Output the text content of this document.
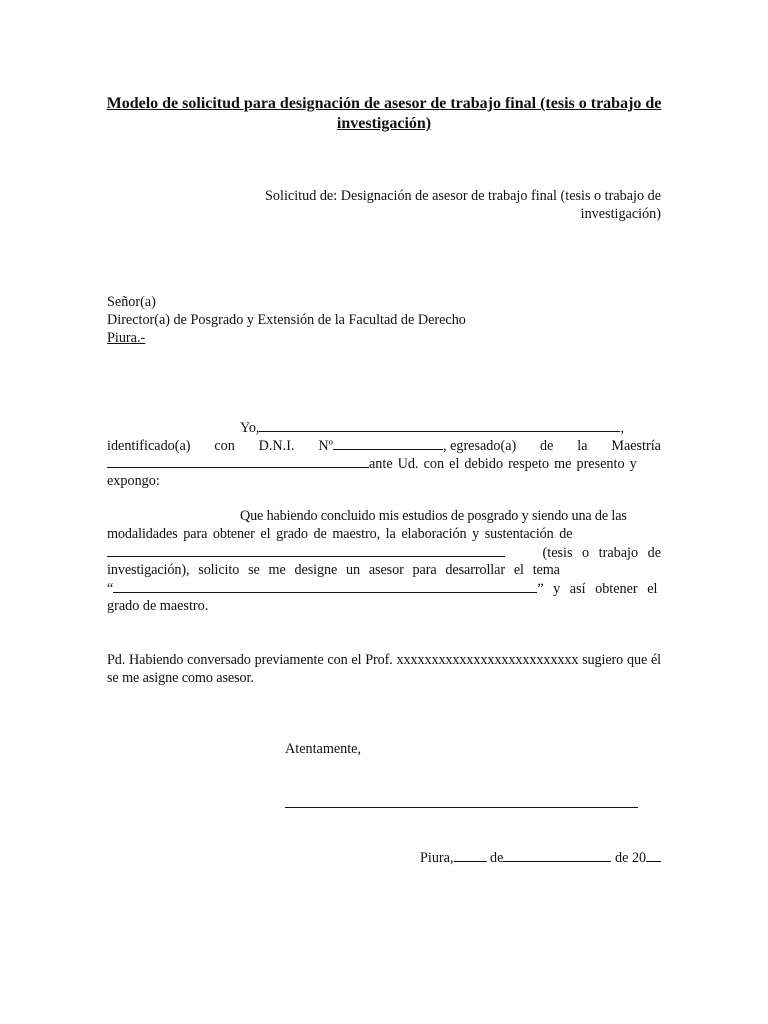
Modelo de solicitud para designación de asesor de trabajo final (tesis o trabajo de investigación)
Solicitud de: Designación de asesor de trabajo final (tesis o trabajo de
investigación)
Señor(a)
Director(a) de Posgrado y Extensión de la Facultad de Derecho
Piura.-
Yo,	,
identificado(a) con D.N.I. Nº	, egresado(a) de la Maestría
ante Ud. con el debido respeto me presento y
expongo:
Que habiendo concluido mis estudios de posgrado y siendo una de las
modalidades para obtener el grado de maestro, la elaboración y sustentación de
(tesis o trabajo de
investigación), solicito se me designe un asesor para desarrollar el tema
“	” y así obtener el
grado de maestro.
Pd. Habiendo conversado previamente con el Prof. xxxxxxxxxxxxxxxxxxxxxxxxxx sugiero que él se me asigne como asesor.
Atentamente,
Piura,	de	de 20
